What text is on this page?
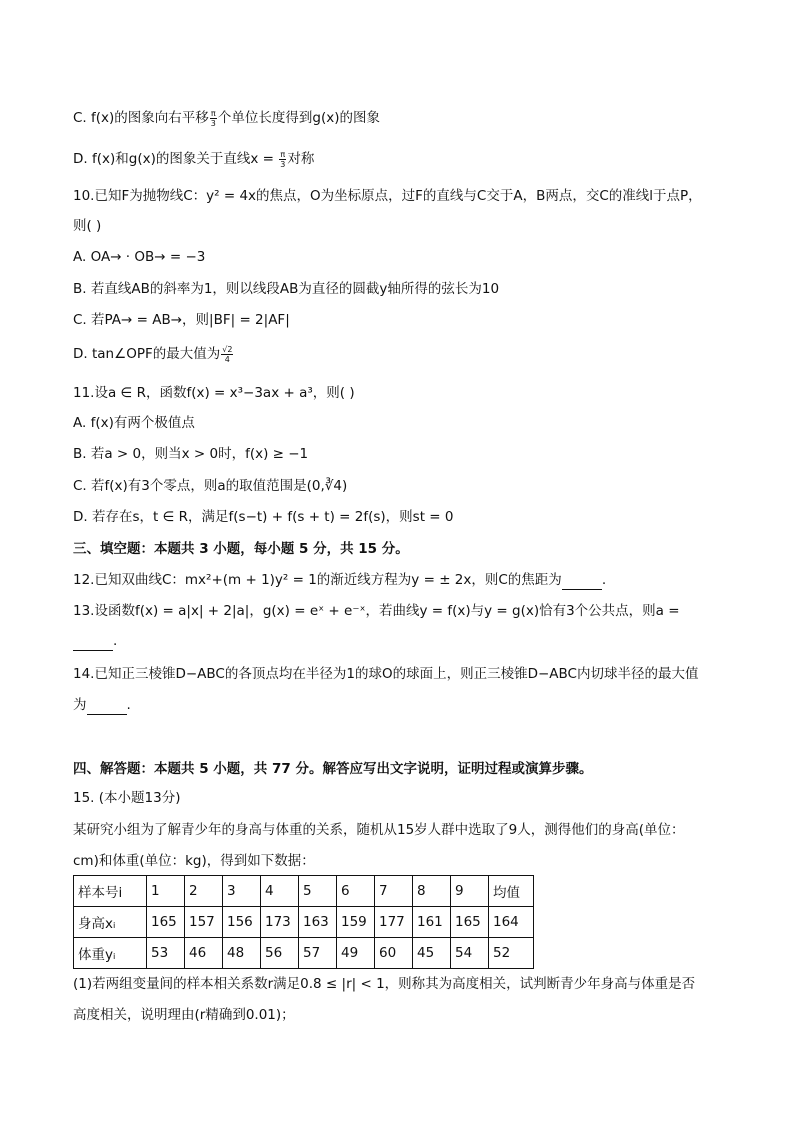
C. f(x)的图象向右平移 $\frac{\pi}{3}$ 个单位长度得到g(x)的图象
D. f(x)和g(x)的图象关于直线$x = \frac{\pi}{3}$ 对称
10.已知F为抛物线C：y² = 4x的焦点，O为坐标原点，过F的直线与C交于A，B两点，交C的准线l于点P，
则( )
A. OA→ · OB→ = −3
B. 若直线AB的斜率为1，则以线段AB为直径的圆截y轴所得的弦长为10
C. 若PA→ = AB→，则|BF| = 2|AF|
D. tan∠OPF的最大值为 $\frac{√2}{4}$
11.设a ∈ R，函数f(x) = x³−3ax + a³，则( )
A. f(x)有两个极值点
B. 若a > 0，则当x > 0时，f(x) ≥ −1
C. 若f(x)有3个零点，则a的取值范围是(0,∛4)
D. 若存在s，t ∈ R，满足f(s−t) + f(s + t) = 2f(s)，则st = 0
三、填空题：本题共 3 小题，每小题 5 分，共 15 分。
12.已知双曲线C：mx²+(m + 1)y² = 1的渐近线方程为y = ± 2x，则C的焦距为	.
13.设函数f(x) = a|x| + 2|a|，g(x) = eˣ + e⁻ˣ，若曲线y = f(x)与y = g(x)恰有3个公共点，则a =
.
14.已知正三棱锥D−ABC的各顶点均在半径为1的球O的球面上，则正三棱锥D−ABC内切球半径的最大值
为	.
四、解答题：本题共 5 小题，共 77 分。解答应写出文字说明，证明过程或演算步骤。
15. (本小题13分)
某研究小组为了解青少年的身高与体重的关系，随机从15岁人群中选取了9人，测得他们的身高(单位：
cm)和体重(单位：kg)，得到如下数据：
样本号i	1	2	3	4	5	6	7	8	9	均值
身高xᵢ	165	157	156	173	163	159	177	161	165	164
体重yᵢ	53	46	48	56	57	49	60	45	54	52
(1)若两组变量间的样本相关系数r满足0.8 ≤ |r| < 1，则称其为高度相关，试判断青少年身高与体重是否
高度相关，说明理由(r精确到0.01)；
